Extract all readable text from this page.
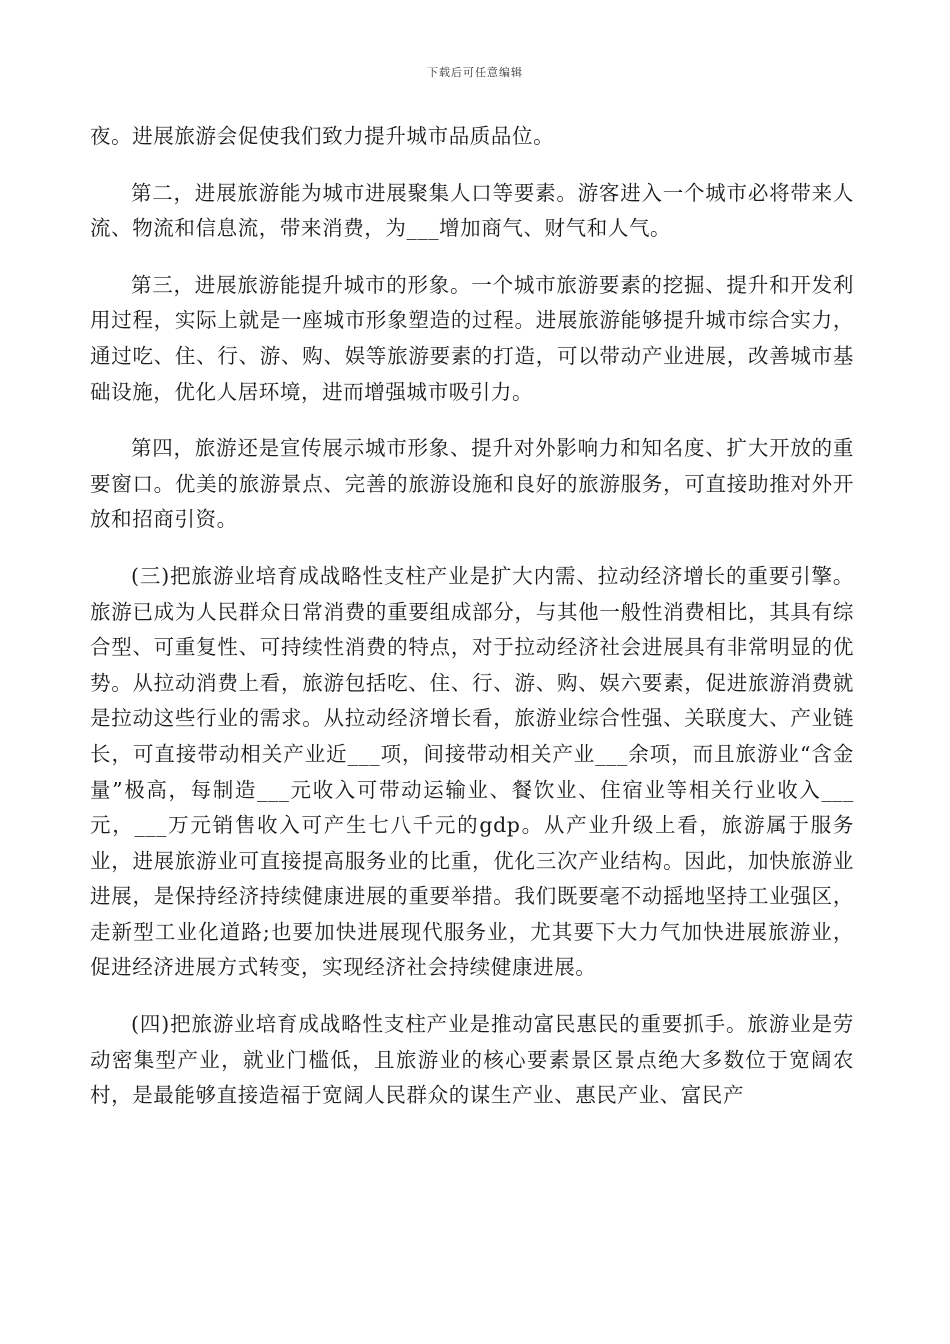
下载后可任意编辑

夜。进展旅游会促使我们致力提升城市品质品位。

第二，进展旅游能为城市进展聚集人口等要素。游客进入一个城市必将带来人流、物流和信息流，带来消费，为___增加商气、财气和人气。

第三，进展旅游能提升城市的形象。一个城市旅游要素的挖掘、提升和开发利用过程，实际上就是一座城市形象塑造的过程。进展旅游能够提升城市综合实力，通过吃、住、行、游、购、娱等旅游要素的打造，可以带动产业进展，改善城市基础设施，优化人居环境，进而增强城市吸引力。

第四，旅游还是宣传展示城市形象、提升对外影响力和知名度、扩大开放的重要窗口。优美的旅游景点、完善的旅游设施和良好的旅游服务，可直接助推对外开放和招商引资。

(三)把旅游业培育成战略性支柱产业是扩大内需、拉动经济增长的重要引擎。旅游已成为人民群众日常消费的重要组成部分，与其他一般性消费相比，其具有综合型、可重复性、可持续性消费的特点，对于拉动经济社会进展具有非常明显的优势。从拉动消费上看，旅游包括吃、住、行、游、购、娱六要素，促进旅游消费就是拉动这些行业的需求。从拉动经济增长看，旅游业综合性强、关联度大、产业链长，可直接带动相关产业近___项，间接带动相关产业___余项，而且旅游业“含金量”极高，每制造___元收入可带动运输业、餐饮业、住宿业等相关行业收入___元，___万元销售收入可产生七八千元的gdp。从产业升级上看，旅游属于服务业，进展旅游业可直接提高服务业的比重，优化三次产业结构。因此，加快旅游业进展，是保持经济持续健康进展的重要举措。我们既要毫不动摇地坚持工业强区，走新型工业化道路;也要加快进展现代服务业，尤其要下大力气加快进展旅游业，促进经济进展方式转变，实现经济社会持续健康进展。

(四)把旅游业培育成战略性支柱产业是推动富民惠民的重要抓手。旅游业是劳动密集型产业，就业门槛低，且旅游业的核心要素景区景点绝大多数位于宽阔农村，是最能够直接造福于宽阔人民群众的谋生产业、惠民产业、富民产
